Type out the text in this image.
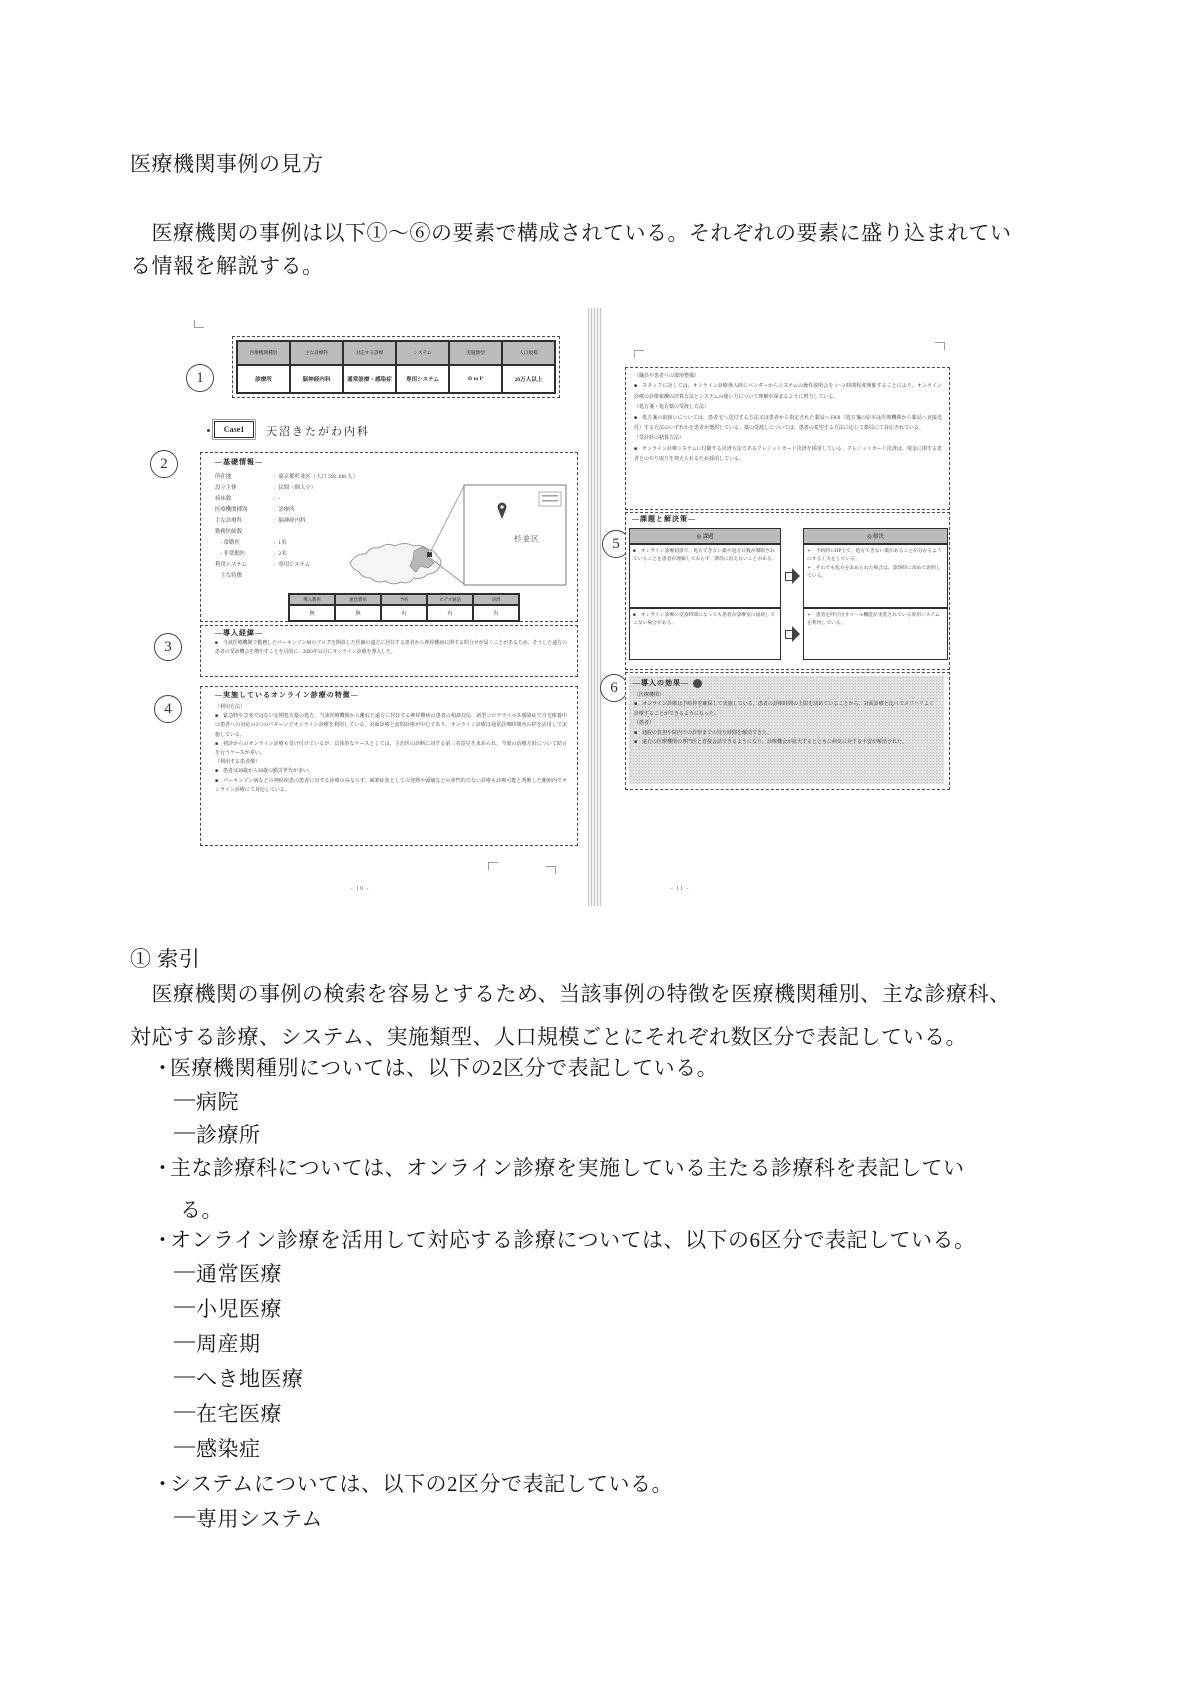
医療機関事例の見方
　医療機関の事例は以下①～⑥の要素で構成されている。それぞれの要素に盛り込まれてい
る情報を解説する。
1
医療機関種別	主な診療科	対応する診療	システム	実施類型	人口規模
診療所	脳神経内科	通常診療・感染症	専用システム	D to P	20万人以上
Case1	天沼きたがわ内科
2	―基礎情報―
所在地	：東京都杉並区（人口 591,108 人）
設立主体	：民間（個人立）
病床数	：-
医療機関種別	：診療所
主な診療科	：脳神経内科
勤務医師数
　- 常勤医	：1名
　- 非常勤医	：2名
利用システム	：専用システム
　主な特徴
杉並区
導入費用	運営費用	予約	ビデオ通話	決済
無	無	有	有	有
3
―導入経緯―
■　当該医療機関で勤務したパーキンソン病のブログを開設した医師の遠方に居住する患者から神経難病に関する問合せが届くことがあるため、そうした遠方の患者の受診機会を増やすことを目的に、2020年12月にオンライン診療を導入した。
4
―実施しているオンライン診療の特徴―
（利用方法）
■　緊急時や急変ではない定期処方薬の処方、当該医療機関から離れた遠方に居住する神経難病の患者の相談対応、新型コロナウイルス感染症で自宅療養中の患者への対応の3つのパターンでオンライン診療を利用している。対面診療と訪問診療が中心であり、オンライン診療は通常診療時間内の枠を活用して実施している。
■　初診からのオンライン診療も受け付けているが、具体的なケースとしては、主治医の診断に対する第三者意見を求められ、今後の治療方針について助言を行うケースが多い。
（利用する患者像）
■　患者は30歳から50歳の勤労世代が多い。
■　パーキンソン病などの神経疾患の患者に対する診療のみならず、風邪症状としての発熱や頭痛などの専門的でない診療も診療可能と判断した範囲内でオンライン診療にて対応している。
- 10 -
（職員や患者への環境整備）
■　スタッフに対しては、オンライン診療導入時にベンダーからシステムの操作説明会を 1～2 時間程度開催することにより、オンライン診療の診療報酬の計算方法とシステムの使い方について理解が深まるように努力している。
（処方箋・処方薬の受渡し方法）
■　処方箋の取扱いについては、患者宅へ送付する方法又は患者から指定された薬局へ FAX（処方箋の原本は医療機関から薬局へ直接送付）する方法のいずれかを患者が選択している。薬の受渡しについては、患者の希望する方法に応じて薬局にて対応されている。
（受診料の精算方法）
■　オンライン診療システムに付随する決済方法であるクレジットカード決済を採用している。クレジットカード決済は、現金に関する患者とのやり取りを抑えられるため採用している。
5
―課題と解決策―
◎ 課題	◎ 解決
■　オンライン診療初診で、処方できない薬や処方日数が制限されていることを患者が理解しておらず、期待に沿えないことがある。
➢　予約時にHP上で、処方できない薬があることが分かるようにする工夫をしている。
➢　それでも処方を求められた場合は、診察時に改めて説明している。
■　オンライン診療の受診時間になっても患者が診療室に接続してこない場合がある。
➢　患者を呼び出すコール機能が実装されている専用システムを利用している。
6 ―導入の効果―
（医療機関）
■　オンライン診療は予約枠を確保して実施している。患者の診療時間の上限を決めていることから、対面診療と比べてメリハリよく診療することができるようになった。
（患者）
■　通院の負担や院内での診察までの待ち時間を解消できた。
■　遠方の医療機関の専門医と直接会話できるようになり、診療機会が拡大するとともに病気に対する不安が解消された。
- 11 -
① 索引
　医療機関の事例の検索を容易とするため、当該事例の特徴を医療機関種別、主な診療科、
対応する診療、システム、実施類型、人口規模ごとにそれぞれ数区分で表記している。
・
医療機関種別については、以下の2区分で表記している。
― 病院
― 診療所
・
主な診療科については、オンライン診療を実施している主たる診療科を表記してい
る。
・
オンライン診療を活用して対応する診療については、以下の6区分で表記している。
― 通常医療
― 小児医療
― 周産期
― へき地医療
― 在宅医療
― 感染症
・
システムについては、以下の2区分で表記している。
― 専用システム
